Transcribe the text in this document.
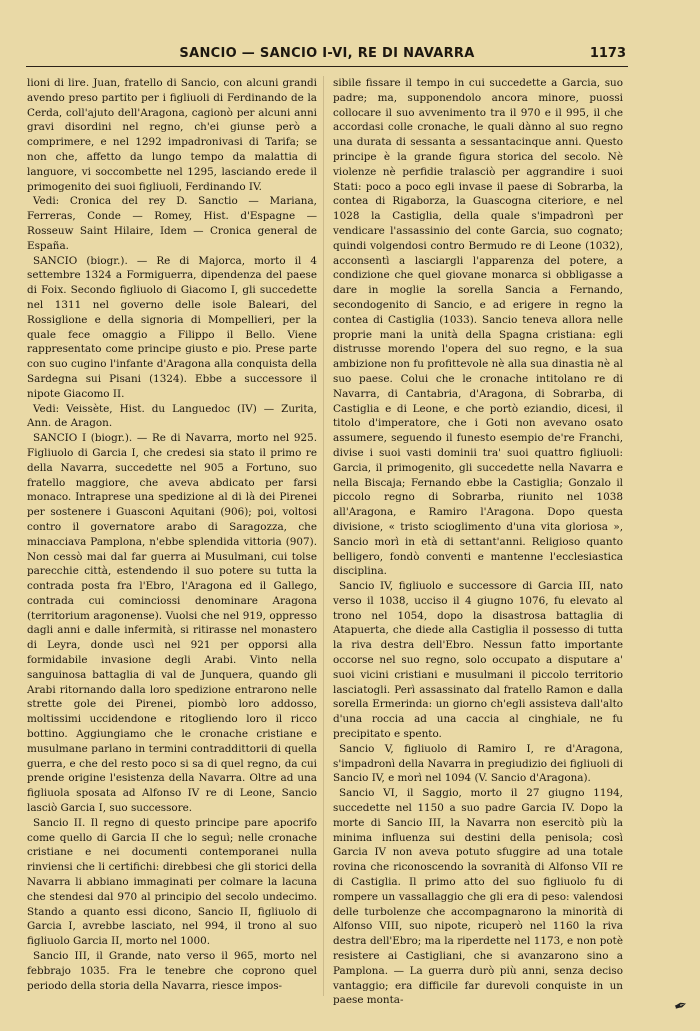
SANCIO — SANCIO I-VI, RE DI NAVARRA	1173

lioni di lire. Juan, fratello di Sancio, con alcuni grandi avendo preso partito per i figliuoli di Ferdinando de la Cerda, coll'ajuto dell'Aragona, cagionò per alcuni anni gravi disordini nel regno, ch'ei giunse però a comprimere, e nel 1292 impadronivasi di Tarifa; se non che, affetto da lungo tempo da malattia di languore, vi soccombette nel 1295, lasciando erede il primogenito dei suoi figliuoli, Ferdinando IV.

Vedi: Cronica del rey D. Sanctio — Mariana, Ferreras, Conde — Romey, Hist. d'Espagne — Rosseuw Saint Hilaire, Idem — Cronica general de España.

SANCIO (biogr.). — Re di Majorca, morto il 4 settembre 1324 a Formiguerra, dipendenza del paese di Foix. Secondo figliuolo di Giacomo I, gli succedette nel 1311 nel governo delle isole Baleari, del Rossiglione e della signoria di Mompellieri, per la quale fece omaggio a Filippo il Bello. Viene rappresentato come principe giusto e pio. Prese parte con suo cugino l'infante d'Aragona alla conquista della Sardegna sui Pisani (1324). Ebbe a successore il nipote Giacomo II.

Vedi: Veissète, Hist. du Languedoc (IV) — Zurita, Ann. de Aragon.

SANCIO I (biogr.). — Re di Navarra, morto nel 925. Figliuolo di Garcia I, che credesi sia stato il primo re della Navarra, succedette nel 905 a Fortuno, suo fratello maggiore, che aveva abdicato per farsi monaco. Intraprese una spedizione al di là dei Pirenei per sostenere i Guasconi Aquitani (906); poi, voltosi contro il governatore arabo di Saragozza, che minacciava Pamplona, n'ebbe splendida vittoria (907). Non cessò mai dal far guerra ai Musulmani, cui tolse parecchie città, estendendo il suo potere su tutta la contrada posta fra l'Ebro, l'Aragona ed il Gallego, contrada cui cominciossi denominare Aragona (territorium aragonense). Vuolsi che nel 919, oppresso dagli anni e dalle infermità, si ritirasse nel monastero di Leyra, donde uscì nel 921 per opporsi alla formidabile invasione degli Arabi. Vinto nella sanguinosa battaglia di val de Junquera, quando gli Arabi ritornando dalla loro spedizione entrarono nelle strette gole dei Pirenei, piombò loro addosso, moltissimi uccidendone e ritogliendo loro il ricco bottino. Aggiungiamo che le cronache cristiane e musulmane parlano in termini contraddittorii di quella guerra, e che del resto poco si sa di quel regno, da cui prende origine l'esistenza della Navarra. Oltre ad una figliuola sposata ad Alfonso IV re di Leone, Sancio lasciò Garcia I, suo successore.

Sancio II. Il regno di questo principe pare apocrifo come quello di Garcia II che lo seguì; nelle cronache cristiane e nei documenti contemporanei nulla rinviensi che li certifichi: direbbesi che gli storici della Navarra li abbiano immaginati per colmare la lacuna che stendesi dal 970 al principio del secolo undecimo. Stando a quanto essi dicono, Sancio II, figliuolo di Garcia I, avrebbe lasciato, nel 994, il trono al suo figliuolo Garcia II, morto nel 1000.

Sancio III, il Grande, nato verso il 965, morto nel febbrajo 1035. Fra le tenebre che coprono quel periodo della storia della Navarra, riesce impos-

sibile fissare il tempo in cui succedette a Garcia, suo padre; ma, supponendolo ancora minore, puossi collocare il suo avvenimento tra il 970 e il 995, il che accordasi colle cronache, le quali dànno al suo regno una durata di sessanta a sessantacinque anni. Questo principe è la grande figura storica del secolo. Nè violenze nè perfidie tralasciò per aggrandire i suoi Stati: poco a poco egli invase il paese di Sobrarba, la contea di Rigaborza, la Guascogna citeriore, e nel 1028 la Castiglia, della quale s'impadronì per vendicare l'assassinio del conte Garcia, suo cognato; quindi volgendosi contro Bermudo re di Leone (1032), acconsentì a lasciargli l'apparenza del potere, a condizione che quel giovane monarca si obbligasse a dare in moglie la sorella Sancia a Fernando, secondogenito di Sancio, e ad erigere in regno la contea di Castiglia (1033). Sancio teneva allora nelle proprie mani la unità della Spagna cristiana: egli distrusse morendo l'opera del suo regno, e la sua ambizione non fu profittevole nè alla sua dinastia nè al suo paese. Colui che le cronache intitolano re di Navarra, di Cantabria, d'Aragona, di Sobrarba, di Castiglia e di Leone, e che portò eziandio, dicesi, il titolo d'imperatore, che i Goti non avevano osato assumere, seguendo il funesto esempio de're Franchi, divise i suoi vasti dominii tra' suoi quattro figliuoli: Garcia, il primogenito, gli succedette nella Navarra e nella Biscaja; Fernando ebbe la Castiglia; Gonzalo il piccolo regno di Sobrarba, riunito nel 1038 all'Aragona, e Ramiro l'Aragona. Dopo questa divisione, « tristo scioglimento d'una vita gloriosa », Sancio morì in età di settant'anni. Religioso quanto belligero, fondò conventi e mantenne l'ecclesiastica disciplina.

Sancio IV, figliuolo e successore di Garcia III, nato verso il 1038, ucciso il 4 giugno 1076, fu elevato al trono nel 1054, dopo la disastrosa battaglia di Atapuerta, che diede alla Castiglia il possesso di tutta la riva destra dell'Ebro. Nessun fatto importante occorse nel suo regno, solo occupato a disputare a' suoi vicini cristiani e musulmani il piccolo territorio lasciatogli. Perì assassinato dal fratello Ramon e dalla sorella Ermerinda: un giorno ch'egli assisteva dall'alto d'una roccia ad una caccia al cinghiale, ne fu precipitato e spento.

Sancio V, figliuolo di Ramiro I, re d'Aragona, s'impadronì della Navarra in pregiudizio dei figliuoli di Sancio IV, e morì nel 1094 (V. Sancio d'Aragona).

Sancio VI, il Saggio, morto il 27 giugno 1194, succedette nel 1150 a suo padre Garcia IV. Dopo la morte di Sancio III, la Navarra non esercitò più la minima influenza sui destini della penisola; così Garcia IV non aveva potuto sfuggire ad una totale rovina che riconoscendo la sovranità di Alfonso VII re di Castiglia. Il primo atto del suo figliuolo fu di rompere un vassallaggio che gli era di peso: valendosi delle turbolenze che accompagnarono la minorità di Alfonso VIII, suo nipote, ricuperò nel 1160 la riva destra dell'Ebro; ma la riperdette nel 1173, e non potè resistere ai Castigliani, che si avanzarono sino a Pamplona. — La guerra durò più anni, senza deciso vantaggio; era difficile far durevoli conquiste in un paese monta-	✒
